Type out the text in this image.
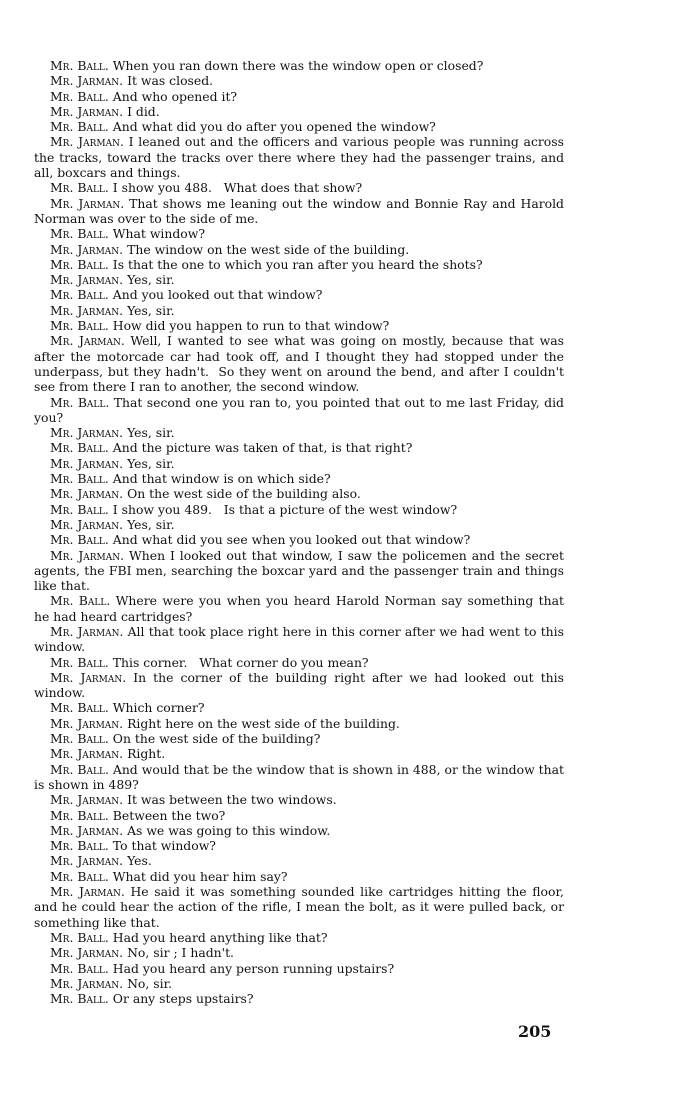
Mr. Ball. When you ran down there was the window open or closed?

Mr. Jarman. It was closed.

Mr. Ball. And who opened it?

Mr. Jarman. I did.

Mr. Ball. And what did you do after you opened the window?

Mr. Jarman. I leaned out and the officers and various people was running across the tracks, toward the tracks over there where they had the passenger trains, and all, boxcars and things.

Mr. Ball. I show you 488.   What does that show?

Mr. Jarman. That shows me leaning out the window and Bonnie Ray and Harold Norman was over to the side of me.

Mr. Ball. What window?

Mr. Jarman. The window on the west side of the building.

Mr. Ball. Is that the one to which you ran after you heard the shots?

Mr. Jarman. Yes, sir.

Mr. Ball. And you looked out that window?

Mr. Jarman. Yes, sir.

Mr. Ball. How did you happen to run to that window?

Mr. Jarman. Well, I wanted to see what was going on mostly, because that was after the motorcade car had took off, and I thought they had stopped under the underpass, but they hadn't.  So they went on around the bend, and after I couldn't see from there I ran to another, the second window.

Mr. Ball. That second one you ran to, you pointed that out to me last Friday, did you?

Mr. Jarman. Yes, sir.

Mr. Ball. And the picture was taken of that, is that right?

Mr. Jarman. Yes, sir.

Mr. Ball. And that window is on which side?

Mr. Jarman. On the west side of the building also.

Mr. Ball. I show you 489.   Is that a picture of the west window?

Mr. Jarman. Yes, sir.

Mr. Ball. And what did you see when you looked out that window?

Mr. Jarman. When I looked out that window, I saw the policemen and the secret agents, the FBI men, searching the boxcar yard and the passenger train and things like that.

Mr. Ball. Where were you when you heard Harold Norman say something that he had heard cartridges?

Mr. Jarman. All that took place right here in this corner after we had went to this window.

Mr. Ball. This corner.   What corner do you mean?

Mr. Jarman. In the corner of the building right after we had looked out this window.

Mr. Ball. Which corner?

Mr. Jarman. Right here on the west side of the building.

Mr. Ball. On the west side of the building?

Mr. Jarman. Right.

Mr. Ball. And would that be the window that is shown in 488, or the window that is shown in 489?

Mr. Jarman. It was between the two windows.

Mr. Ball. Between the two?

Mr. Jarman. As we was going to this window.

Mr. Ball. To that window?

Mr. Jarman. Yes.

Mr. Ball. What did you hear him say?

Mr. Jarman. He said it was something sounded like cartridges hitting the floor, and he could hear the action of the rifle, I mean the bolt, as it were pulled back, or something like that.

Mr. Ball. Had you heard anything like that?

Mr. Jarman. No, sir ; I hadn't.

Mr. Ball. Had you heard any person running upstairs?

Mr. Jarman. No, sir.

Mr. Ball. Or any steps upstairs?

205
